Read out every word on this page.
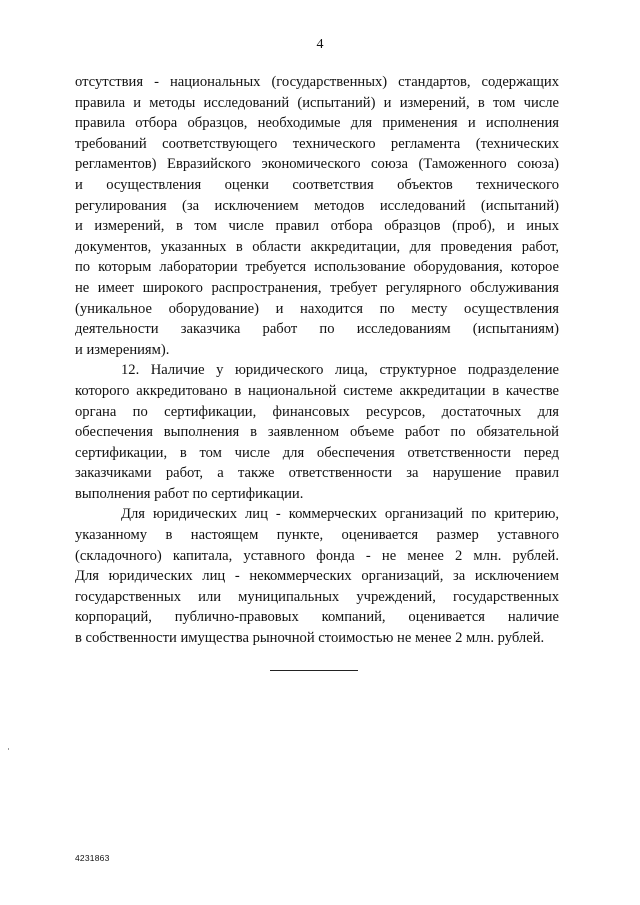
4
отсутствия - национальных (государственных) стандартов, содержащих
правила и методы исследований (испытаний) и измерений, в том числе
правила отбора образцов, необходимые для применения и исполнения
требований соответствующего технического регламента (технических
регламентов) Евразийского экономического союза (Таможенного союза)
и осуществления оценки соответствия объектов технического
регулирования (за исключением методов исследований (испытаний)
и измерений, в том числе правил отбора образцов (проб), и иных
документов, указанных в области аккредитации, для проведения работ,
по которым лаборатории требуется использование оборудования, которое
не имеет широкого распространения, требует регулярного обслуживания
(уникальное оборудование) и находится по месту осуществления
деятельности заказчика работ по исследованиям (испытаниям)
и измерениям).
12. Наличие у юридического лица, структурное подразделение
которого аккредитовано в национальной системе аккредитации в качестве
органа по сертификации, финансовых ресурсов, достаточных для
обеспечения выполнения в заявленном объеме работ по обязательной
сертификации, в том числе для обеспечения ответственности перед
заказчиками работ, а также ответственности за нарушение правил
выполнения работ по сертификации.
Для юридических лиц - коммерческих организаций по критерию,
указанному в настоящем пункте, оценивается размер уставного
(складочного) капитала, уставного фонда - не менее 2 млн. рублей.
Для юридических лиц - некоммерческих организаций, за исключением
государственных или муниципальных учреждений, государственных
корпораций, публично-правовых компаний, оценивается наличие
в собственности имущества рыночной стоимостью не менее 2 млн. рублей.
4231863
